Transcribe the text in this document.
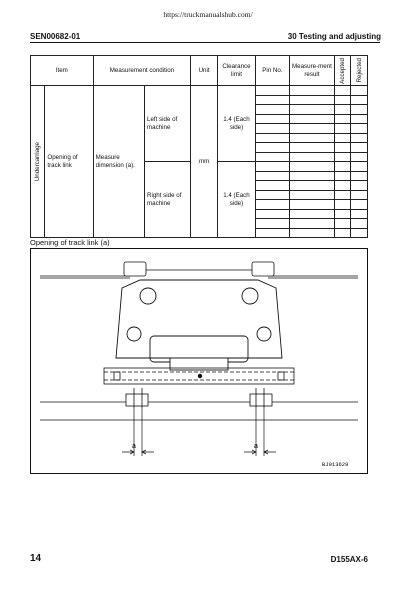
https://truckmanualshub.com/
SEN00682-01	30 Testing and adjusting
Item		Measurement condition		Unit	Clearance limit	Pin No.	Measure-ment result	Accepted	Rejected

Undercarriage	Opening of track link	Measure dimension (a).	Left side of machine	mm	1.4 (Each side)				

			Right side of machine		1.4 (Each side)				

Opening of track link (a)
a	a
BJ013629
14	D155AX-6
